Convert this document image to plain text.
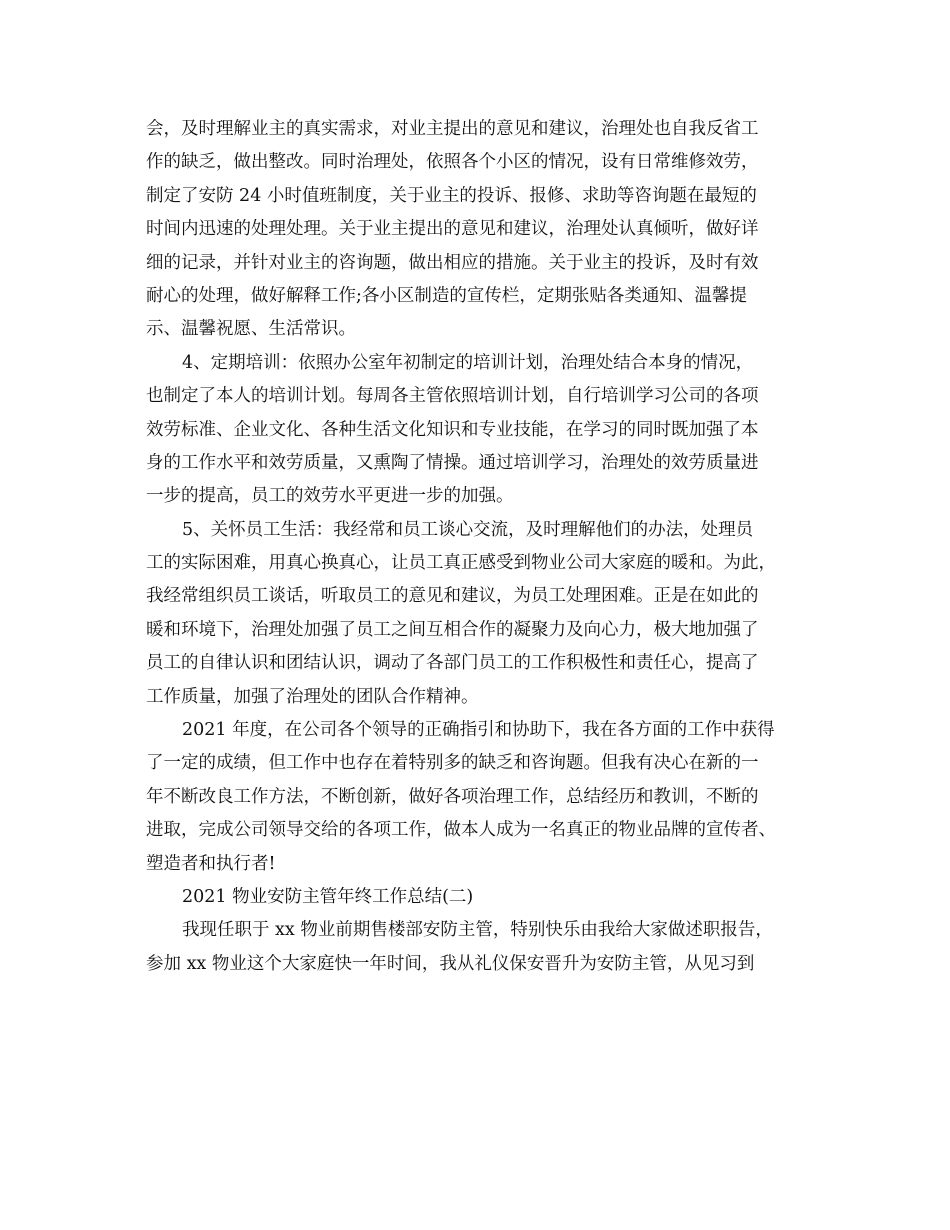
会，及时理解业主的真实需求，对业主提出的意见和建议，治理处也自我反省工
作的缺乏，做出整改。同时治理处，依照各个小区的情况，设有日常维修效劳，
制定了安防 24 小时值班制度，关于业主的投诉、报修、求助等咨询题在最短的
时间内迅速的处理处理。关于业主提出的意见和建议，治理处认真倾听，做好详
细的记录，并针对业主的咨询题，做出相应的措施。关于业主的投诉，及时有效
耐心的处理，做好解释工作;各小区制造的宣传栏，定期张贴各类通知、温馨提
示、温馨祝愿、生活常识。
4、定期培训：依照办公室年初制定的培训计划，治理处结合本身的情况，
也制定了本人的培训计划。每周各主管依照培训计划，自行培训学习公司的各项
效劳标准、企业文化、各种生活文化知识和专业技能，在学习的同时既加强了本
身的工作水平和效劳质量，又熏陶了情操。通过培训学习，治理处的效劳质量进
一步的提高，员工的效劳水平更进一步的加强。
5、关怀员工生活：我经常和员工谈心交流，及时理解他们的办法，处理员
工的实际困难，用真心换真心，让员工真正感受到物业公司大家庭的暖和。为此，
我经常组织员工谈话，听取员工的意见和建议，为员工处理困难。正是在如此的
暖和环境下，治理处加强了员工之间互相合作的凝聚力及向心力，极大地加强了
员工的自律认识和团结认识，调动了各部门员工的工作积极性和责任心，提高了
工作质量，加强了治理处的团队合作精神。
2021 年度，在公司各个领导的正确指引和协助下，我在各方面的工作中获得
了一定的成绩，但工作中也存在着特别多的缺乏和咨询题。但我有决心在新的一
年不断改良工作方法，不断创新，做好各项治理工作，总结经历和教训，不断的
进取，完成公司领导交给的各项工作，做本人成为一名真正的物业品牌的宣传者、
塑造者和执行者!
2021 物业安防主管年终工作总结(二)
我现任职于 xx 物业前期售楼部安防主管，特别快乐由我给大家做述职报告，
参加 xx 物业这个大家庭快一年时间，我从礼仪保安晋升为安防主管，从见习到
